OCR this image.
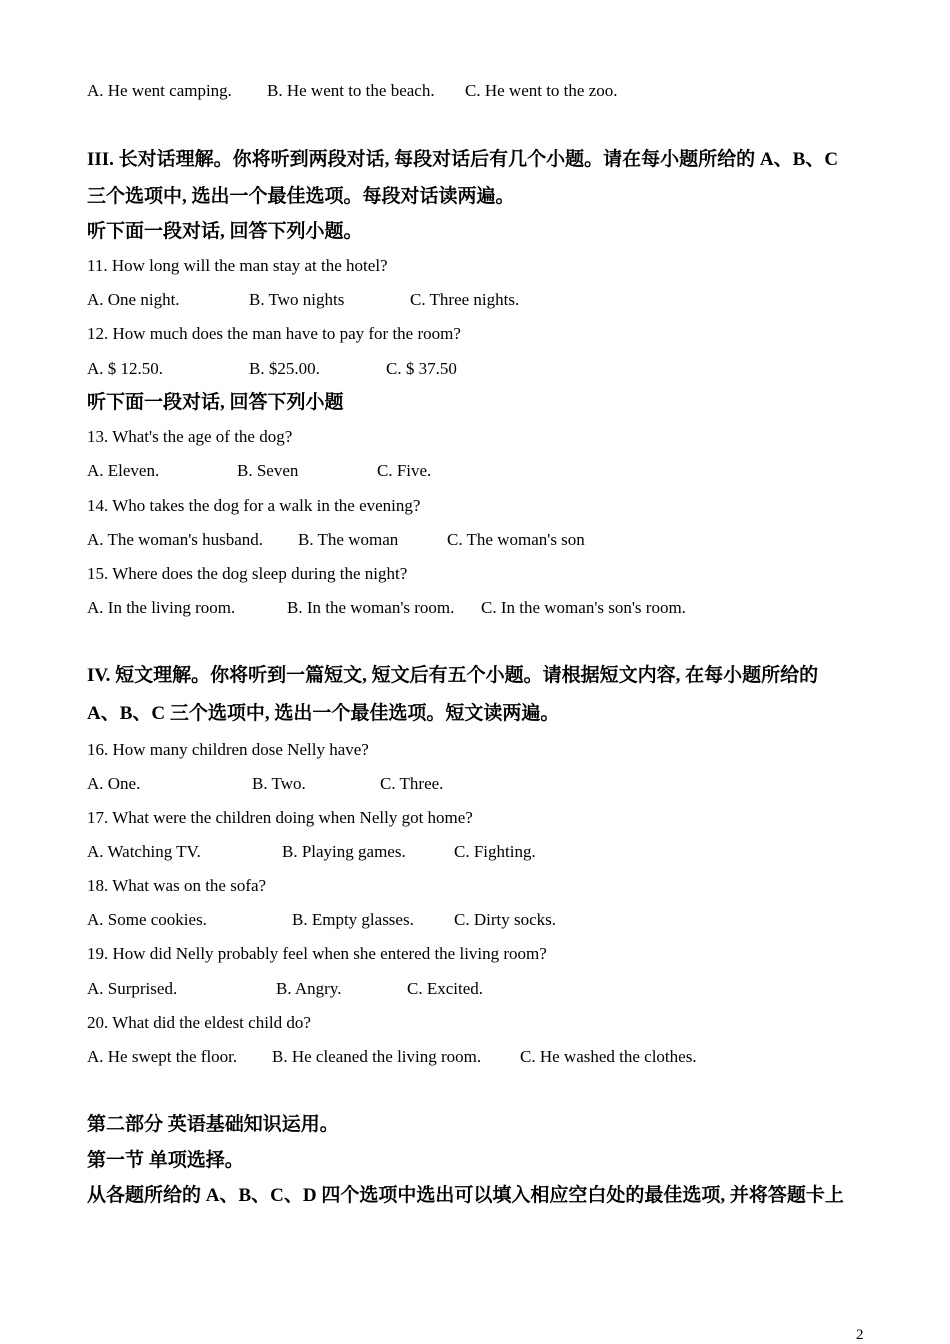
A. He went camping. B. He went to the beach. C. He went to the zoo.
III. 长对话理解。你将听到两段对话, 每段对话后有几个小题。请在每小题所给的 A、B、C
三个选项中, 选出一个最佳选项。每段对话读两遍。
听下面一段对话, 回答下列小题。
11. How long will the man stay at the hotel?
A. One night.	B. Two nights	C. Three nights.
12. How much does the man have to pay for the room?
A. $ 12.50.	B. $25.00.	C. $ 37.50
听下面一段对话, 回答下列小题
13. What's the age of the dog?
A. Eleven.	B. Seven	C. Five.
14. Who takes the dog for a walk in the evening?
A. The woman's husband. B. The woman	C. The woman's son
15. Where does the dog sleep during the night?
A. In the living room.	B. In the woman's room. C. In the woman's son's room.
IV. 短文理解。你将听到一篇短文, 短文后有五个小题。请根据短文内容, 在每小题所给的
A、B、C 三个选项中, 选出一个最佳选项。短文读两遍。
16. How many children dose Nelly have?
A. One.	B. Two.	C. Three.
17. What were the children doing when Nelly got home?
A. Watching TV.	B. Playing games.	C. Fighting.
18. What was on the sofa?
A. Some cookies.	B. Empty glasses. C. Dirty socks.
19. How did Nelly probably feel when she entered the living room?
A. Surprised.	B. Angry.	C. Excited.
20. What did the eldest child do?
A. He swept the floor. B. He cleaned the living room. C. He washed the clothes.
第二部分 英语基础知识运用。
第一节 单项选择。
从各题所给的 A、B、C、D 四个选项中选出可以填入相应空白处的最佳选项, 并将答题卡上
2
